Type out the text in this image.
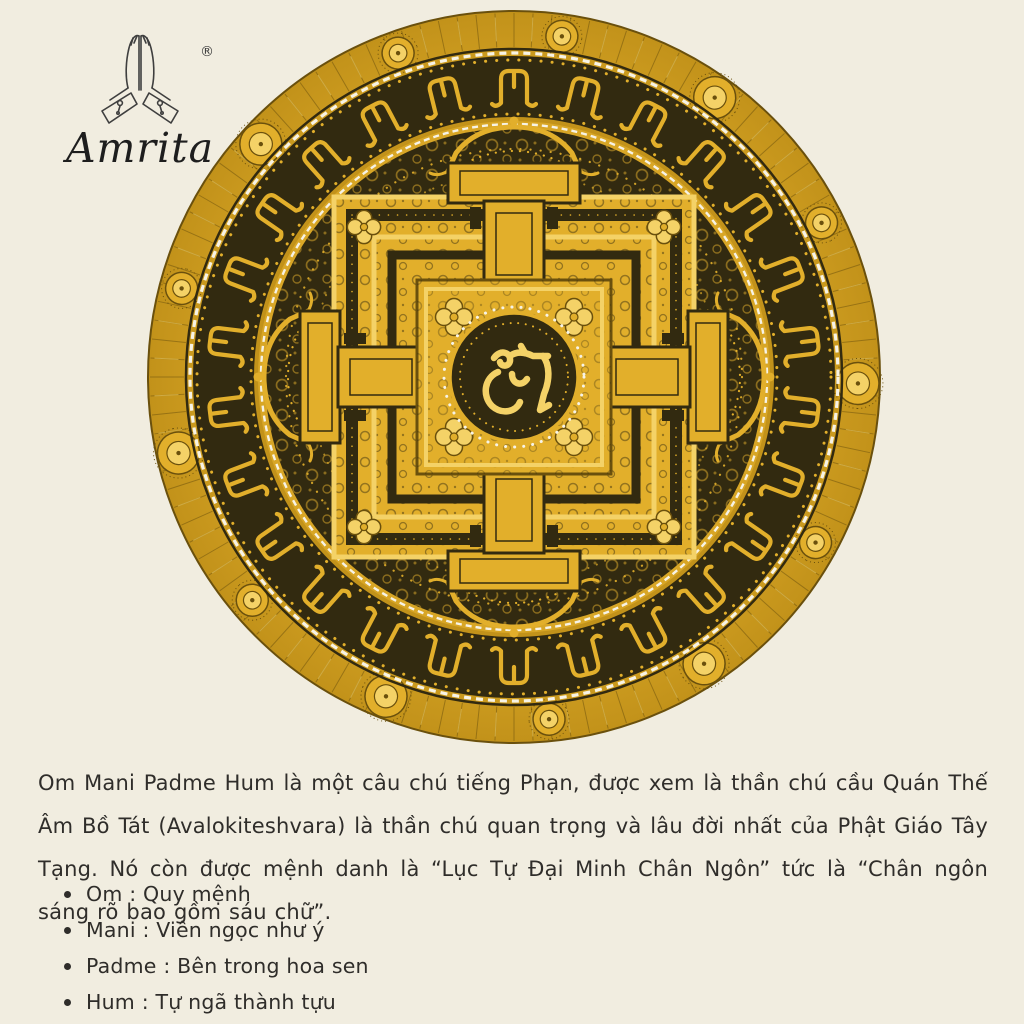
®
Amrita

Om Mani Padme Hum là một câu chú tiếng Phạn, được xem là thần chú cầu Quán Thế Âm Bồ Tát (Avalokiteshvara) là thần chú quan trọng và lâu đời nhất của Phật Giáo Tây Tạng. Nó còn được mệnh danh là “Lục Tự Đại Minh Chân Ngôn” tức là “Chân ngôn sáng rõ bao gồm sáu chữ”.

Om : Quy mệnh
Mani : Viên ngọc như ý
Padme : Bên trong hoa sen
Hum : Tự ngã thành tựu
